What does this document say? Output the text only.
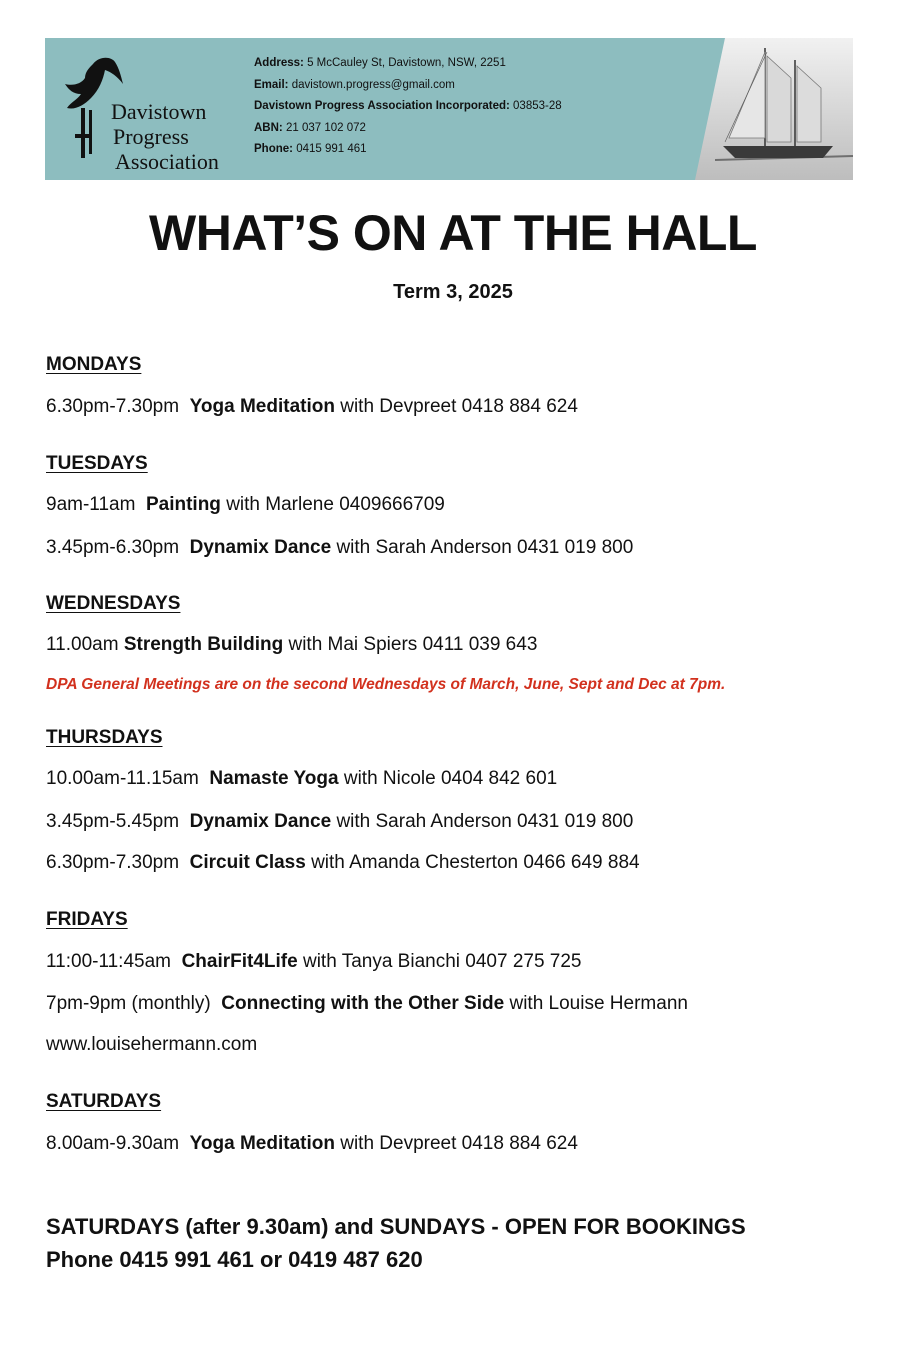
Davistown
Progress
Association
Address: 5 McCauley St, Davistown, NSW, 2251
Email: davistown.progress@gmail.com
Davistown Progress Association Incorporated: 03853-28
ABN: 21 037 102 072
Phone: 0415 991 461
WHAT’S ON AT THE HALL
Term 3, 2025
MONDAYS
6.30pm-7.30pm Yoga Meditation with Devpreet 0418 884 624
TUESDAYS
9am-11am Painting with Marlene 0409666709
3.45pm-6.30pm Dynamix Dance with Sarah Anderson 0431 019 800
WEDNESDAYS
11.00am Strength Building with Mai Spiers 0411 039 643
DPA General Meetings are on the second Wednesdays of March, June, Sept and Dec at 7pm.
THURSDAYS
10.00am-11.15am Namaste Yoga with Nicole 0404 842 601
3.45pm-5.45pm Dynamix Dance with Sarah Anderson 0431 019 800
6.30pm-7.30pm Circuit Class with Amanda Chesterton 0466 649 884
FRIDAYS
11:00-11:45am ChairFit4Life with Tanya Bianchi 0407 275 725
7pm-9pm (monthly) Connecting with the Other Side with Louise Hermann
www.louisehermann.com
SATURDAYS
8.00am-9.30am Yoga Meditation with Devpreet 0418 884 624
SATURDAYS (after 9.30am) and SUNDAYS - OPEN FOR BOOKINGS
Phone 0415 991 461 or 0419 487 620
